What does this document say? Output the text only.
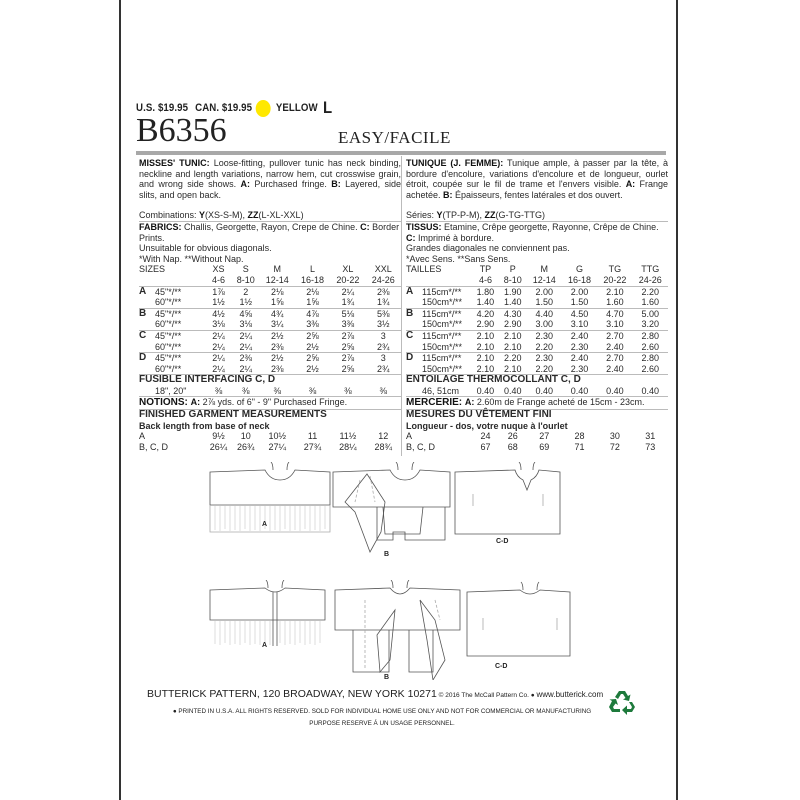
U.S. $19.95 CAN. $19.95 YELLOW L
B6356	EASY/FACILE

MISSES' TUNIC: Loose-fitting, pullover tunic has neck binding, neckline and length variations, narrow hem, cut crosswise grain, and wrong side shows. A: Purchased fringe. B: Layered, side slits, and open back.

Combinations: Y(XS-S-M), ZZ(L-XL-XXL)

FABRICS: Challis, Georgette, Rayon, Crepe de Chine. C: Border Prints.

Unsuitable for obvious diagonals.

*With Nap. **Without Nap.

SIZES		XS	S	M	L	XL	XXL
		4-6	8-10	12-14	16-18	20-22	24-26
A	45"*/**	1⅞	2	2⅛	2⅛	2¼	2⅜
	60"*/**	1½	1½	1⅝	1⅝	1¾	1¾
B	45"*/**	4½	4⅝	4¾	4⅞	5⅛	5⅜
	60"*/**	3⅛	3⅛	3¼	3⅜	3⅜	3½
C	45"*/**	2¼	2¼	2½	2⅝	2⅞	3
	60"*/**	2¼	2¼	2⅜	2½	2⅝	2¾
D	45"*/**	2¼	2⅜	2½	2⅝	2⅞	3
	60"*/**	2¼	2¼	2⅜	2½	2⅝	2¾
FUSIBLE INTERFACING C, D							
	18", 20"	⅜	⅜	⅜	⅜	⅜	⅜
NOTIONS: A: 2⅞ yds. of 6" - 9" Purchased Fringe.							
FINISHED GARMENT MEASUREMENTS							
Back length from base of neck							
A		9½	10	10½	11	11½	12
B, C, D		26¼	26¾	27¼	27¾	28¼	28¾

TUNIQUE (J. FEMME): Tunique ample, à passer par la tête, à bordure d'encolure, variations d'encolure et de longueur, ourlet étroit, coupée sur le fil de trame et l'envers visible. A: Frange achetée. B: Épaisseurs, fentes latérales et dos ouvert.

Séries: Y(TP-P-M), ZZ(G-TG-TTG)

TISSUS: Etamine, Crêpe georgette, Rayonne, Crêpe de Chine. C: Imprimé à bordure.

Grandes diagonales ne conviennent pas.

*Avec Sens. **Sans Sens.

TAILLES		TP	P	M	G	TG	TTG
		4-6	8-10	12-14	16-18	20-22	24-26
A	115cm*/**	1.80	1.90	2.00	2.00	2.10	2.20
	150cm*/**	1.40	1.40	1.50	1.50	1.60	1.60
B	115cm*/**	4.20	4.30	4.40	4.50	4.70	5.00
	150cm*/**	2.90	2.90	3.00	3.10	3.10	3.20
C	115cm*/**	2.10	2.10	2.30	2.40	2.70	2.80
	150cm*/**	2.10	2.10	2.20	2.30	2.40	2.60
D	115cm*/**	2.10	2.20	2.30	2.40	2.70	2.80
	150cm*/**	2.10	2.10	2.20	2.30	2.40	2.60
ENTOILAGE THERMOCOLLANT C, D							
	46, 51cm	0.40	0.40	0.40	0.40	0.40	0.40
MERCERIE: A: 2.60m de Frange acheté de 15cm - 23cm.							
MESURES DU VÊTEMENT FINI							
Longueur - dos, votre nuque à l'ourlet							
A		24	26	27	28	30	31
B, C, D		67	68	69	71	72	73
A
B
C-D
A
B
C-D
BUTTERICK PATTERN, 120 BROADWAY, NEW YORK 10271 © 2016 The McCall Pattern Co. ● www.butterick.com
● PRINTED IN U.S.A. ALL RIGHTS RESERVED. SOLD FOR INDIVIDUAL HOME USE ONLY AND NOT FOR COMMERCIAL OR MANUFACTURING
PURPOSE RESERVE Á UN USAGE PERSONNEL.
